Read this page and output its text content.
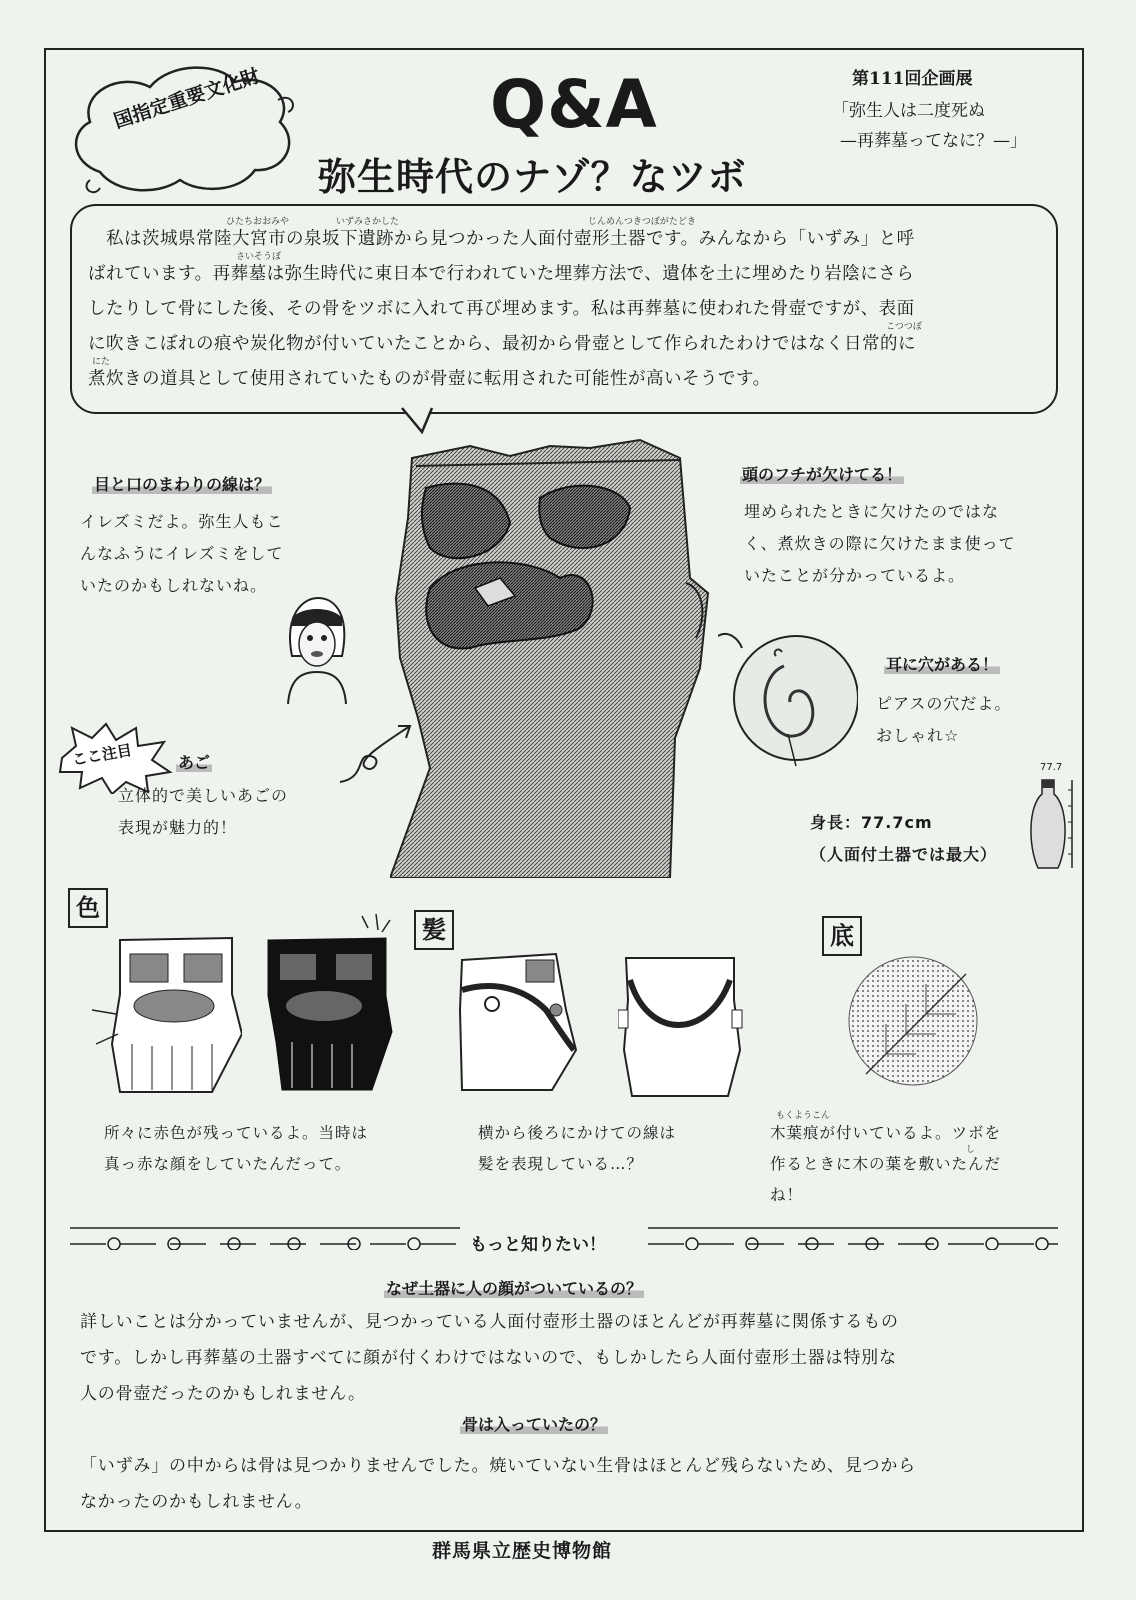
国指定重要文化財	Q&A
弥生時代のナゾ？なツボ
第111回企画展
「弥生人は二度死ぬ
—再葬墓ってなに？—」
ひたちおおみや	いずみさかした	じんめんつきつぼがたどき
さいそうぼ
こつつぼ
にた
私は茨城県常陸大宮市の泉坂下遺跡から見つかった人面付壺形土器です。みんなから「いずみ」と呼
ばれています。再葬墓は弥生時代に東日本で行われていた埋葬方法で、遺体を土に埋めたり岩陰にさら
したりして骨にした後、その骨をツボに入れて再び埋めます。私は再葬墓に使われた骨壺ですが、表面
に吹きこぼれの痕や炭化物が付いていたことから、最初から骨壺として作られたわけではなく日常的に
煮炊きの道具として使用されていたものが骨壺に転用された可能性が高いそうです。
目と口のまわりの線は？
イレズミだよ。弥生人もこ
んなふうにイレズミをして
いたのかもしれないね。
頭のフチが欠けてる！
埋められたときに欠けたのではな
く、煮炊きの際に欠けたまま使って
いたことが分かっているよ。
耳に穴がある！
ピアスの穴だよ。
おしゃれ☆
ここ注目	あご
立体的で美しいあごの
表現が魅力的！	身長：77.7cm
（人面付土器では最大）
77.7
色
所々に赤色が残っているよ。当時は
真っ赤な顔をしていたんだって。
髪
横から後ろにかけての線は
髪を表現している…？
底
もくようこん
し
木葉痕が付いているよ。ツボを
作るときに木の葉を敷いたんだ
ね！
もっと知りたい！
なぜ土器に人の顔がついているの？
詳しいことは分かっていませんが、見つかっている人面付壺形土器のほとんどが再葬墓に関係するもの
です。しかし再葬墓の土器すべてに顔が付くわけではないので、もしかしたら人面付壺形土器は特別な
人の骨壺だったのかもしれません。
骨は入っていたの？
「いずみ」の中からは骨は見つかりませんでした。焼いていない生骨はほとんど残らないため、見つから
なかったのかもしれません。
群馬県立歴史博物館
